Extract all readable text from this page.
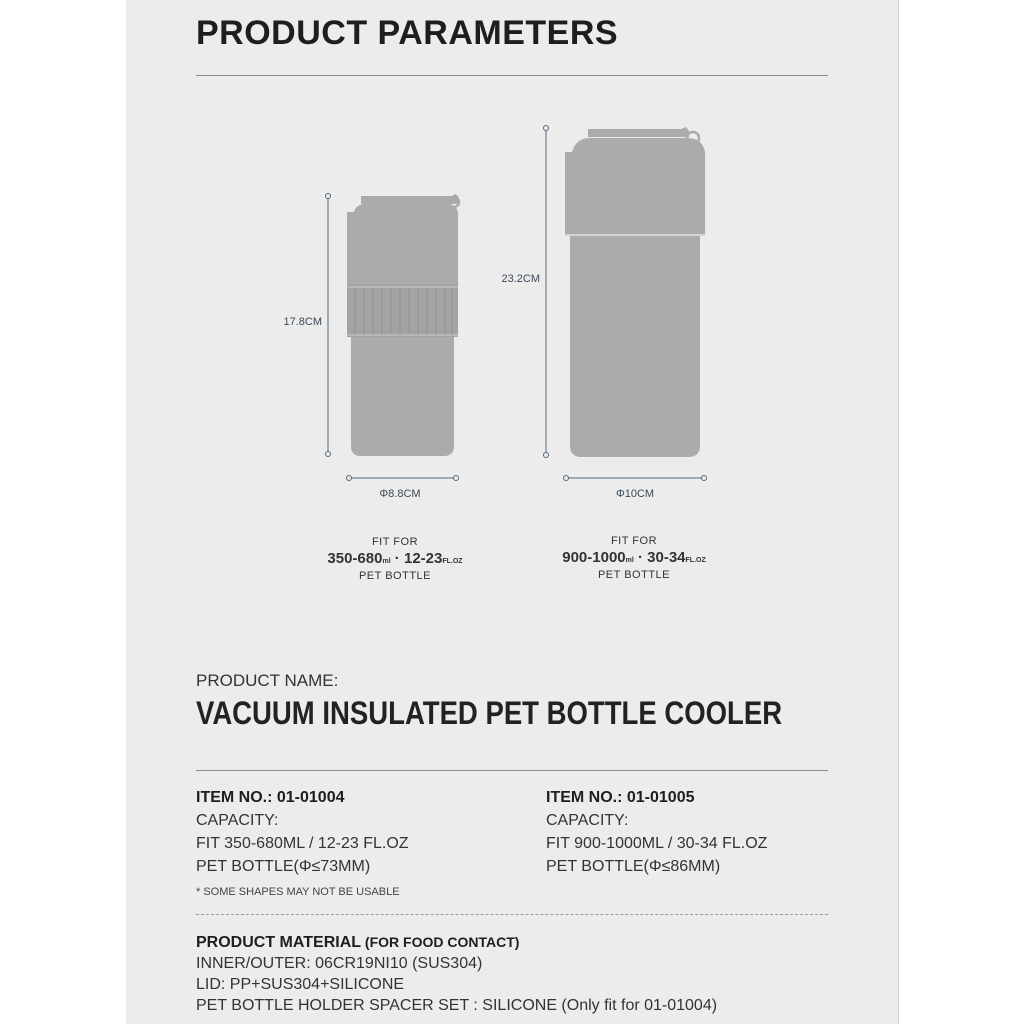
PRODUCT PARAMETERS
17.8CM
Φ8.8CM
23.2CM
Φ10CM
FIT FOR
350-680ml · 12-23FL.OZ
PET BOTTLE
FIT FOR
900-1000ml · 30-34FL.OZ
PET BOTTLE
PRODUCT NAME:
VACUUM INSULATED PET BOTTLE COOLER
ITEM NO.: 01-01004
CAPACITY:
FIT 350-680ML / 12-23 FL.OZ
PET BOTTLE(Φ≤73MM)
ITEM NO.: 01-01005
CAPACITY:
FIT 900-1000ML / 30-34 FL.OZ
PET BOTTLE(Φ≤86MM)
* SOME SHAPES MAY NOT BE USABLE
PRODUCT MATERIAL (FOR FOOD CONTACT)
INNER/OUTER: 06CR19NI10 (SUS304)
LID: PP+SUS304+SILICONE
PET BOTTLE HOLDER SPACER SET : SILICONE (Only fit for 01-01004)
